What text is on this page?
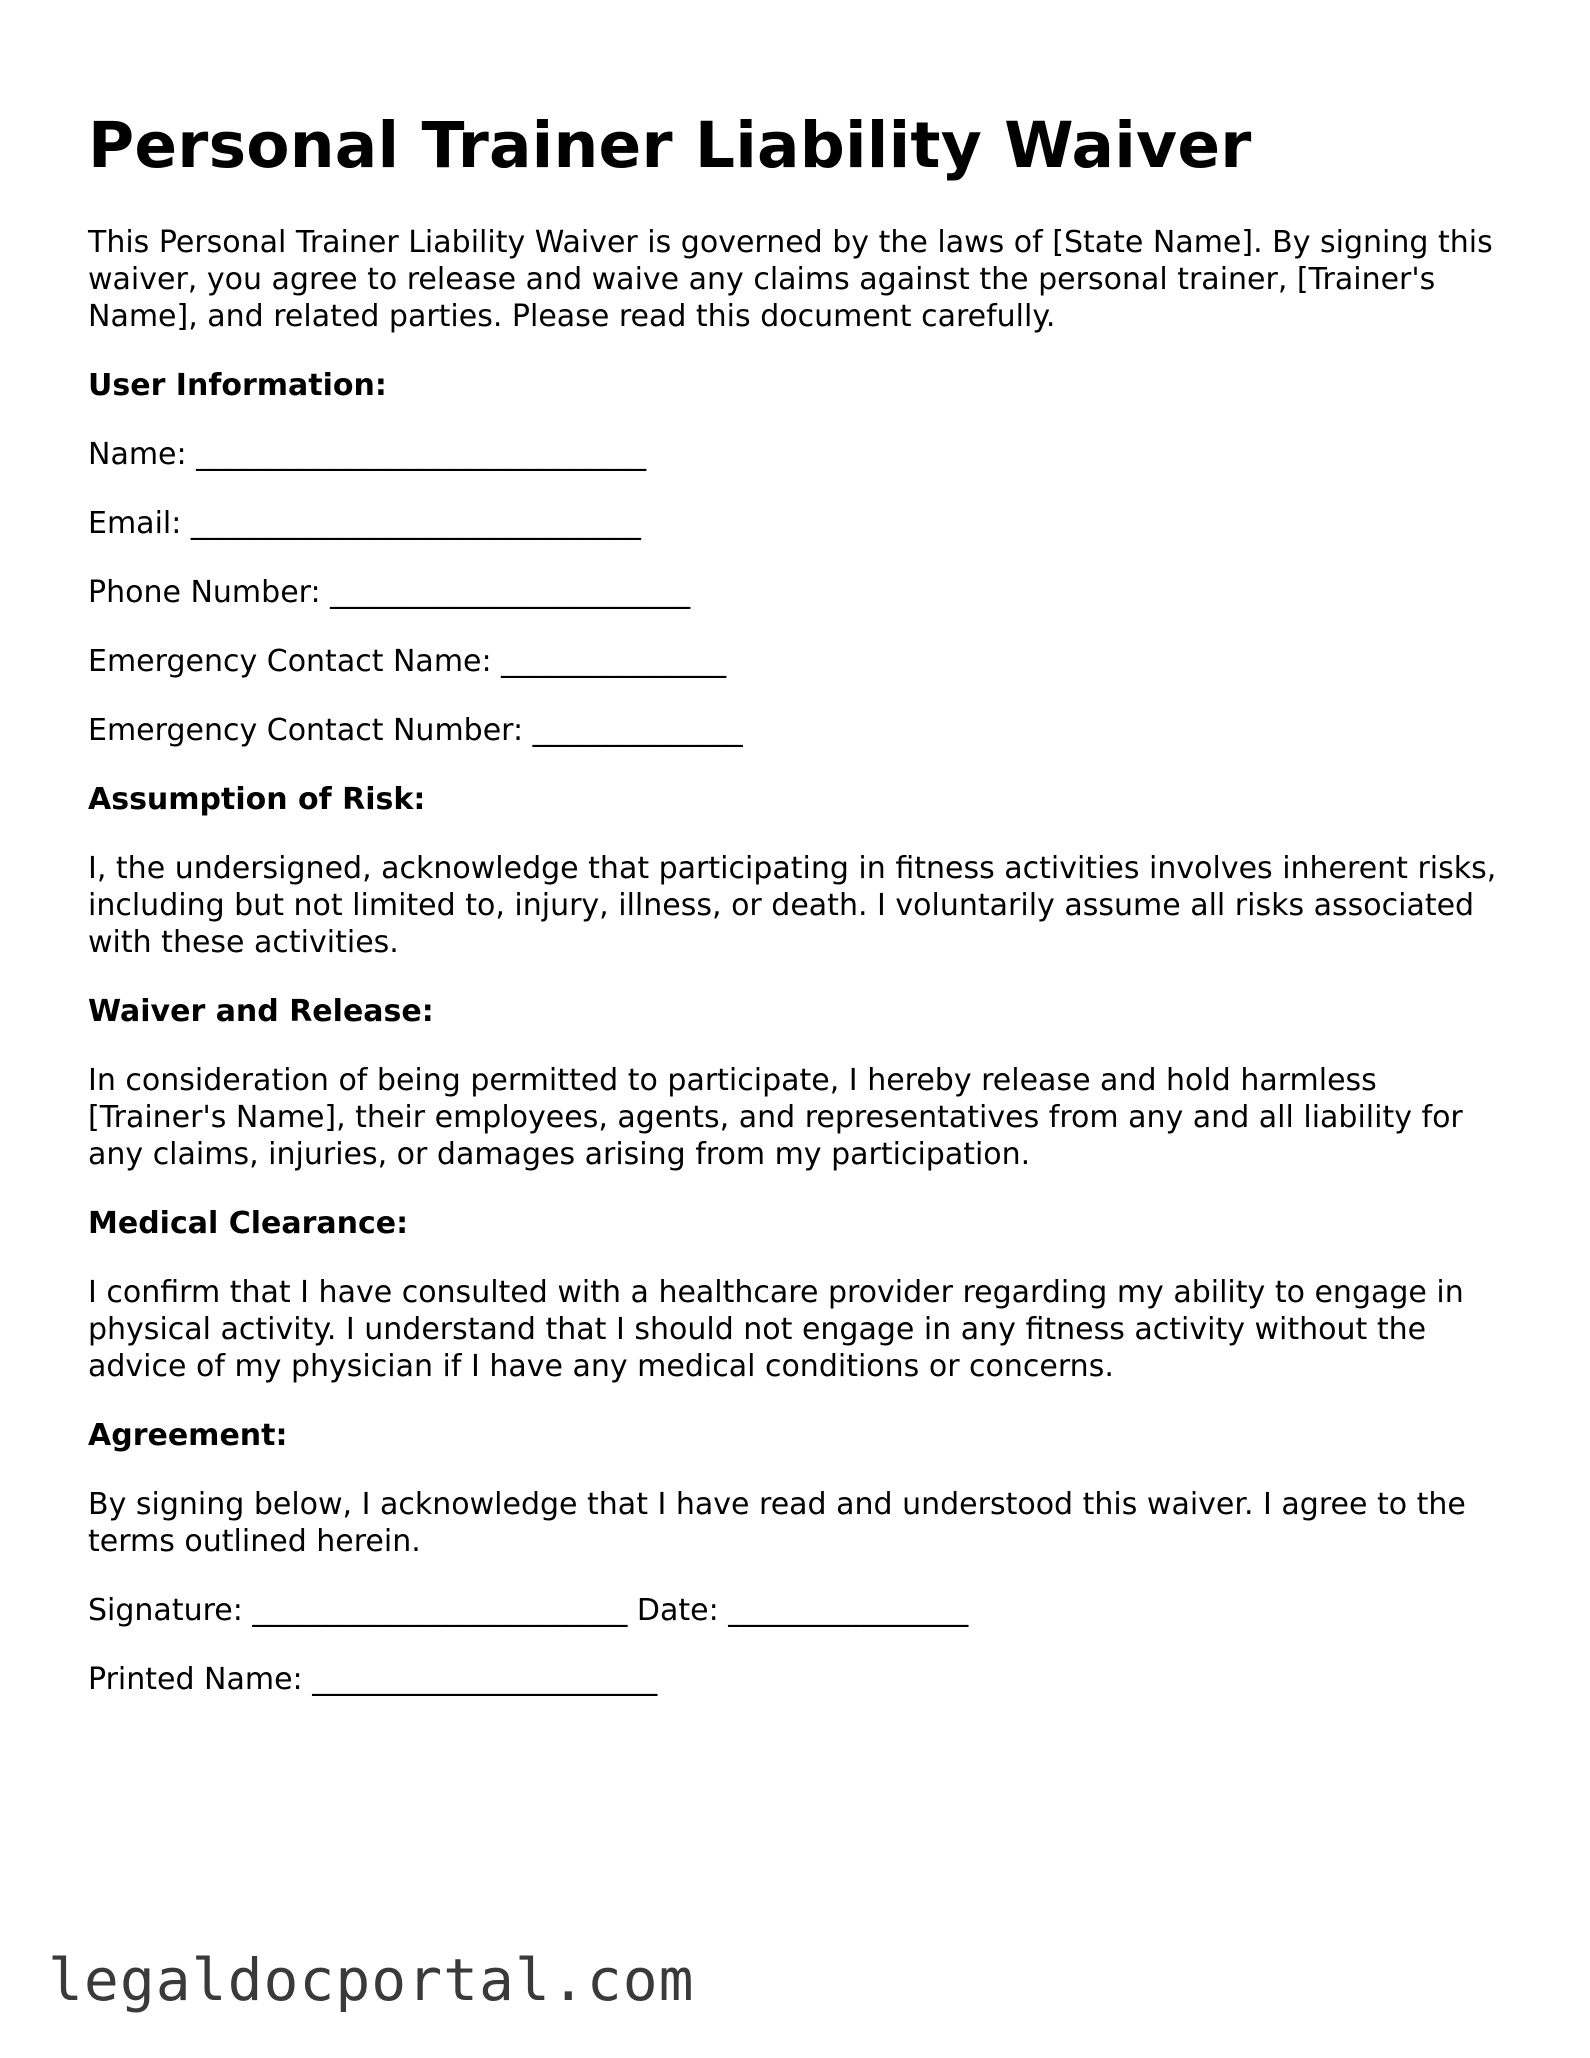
Personal Trainer Liability Waiver

This Personal Trainer Liability Waiver is governed by the laws of [State Name]. By signing this waiver, you agree to release and waive any claims against the personal trainer, [Trainer's Name], and related parties. Please read this document carefully.

User Information:

Name: ______________________________

Email: ______________________________

Phone Number: ________________________

Emergency Contact Name: _______________

Emergency Contact Number: ______________

Assumption of Risk:

I, the undersigned, acknowledge that participating in fitness activities involves inherent risks, including but not limited to, injury, illness, or death. I voluntarily assume all risks associated with these activities.

Waiver and Release:

In consideration of being permitted to participate, I hereby release and hold harmless [Trainer's Name], their employees, agents, and representatives from any and all liability for any claims, injuries, or damages arising from my participation.

Medical Clearance:

I confirm that I have consulted with a healthcare provider regarding my ability to engage in physical activity. I understand that I should not engage in any fitness activity without the advice of my physician if I have any medical conditions or concerns.

Agreement:

By signing below, I acknowledge that I have read and understood this waiver. I agree to the terms outlined herein.

Signature: _________________________ Date: ________________

Printed Name: _______________________

legaldocportal.com
